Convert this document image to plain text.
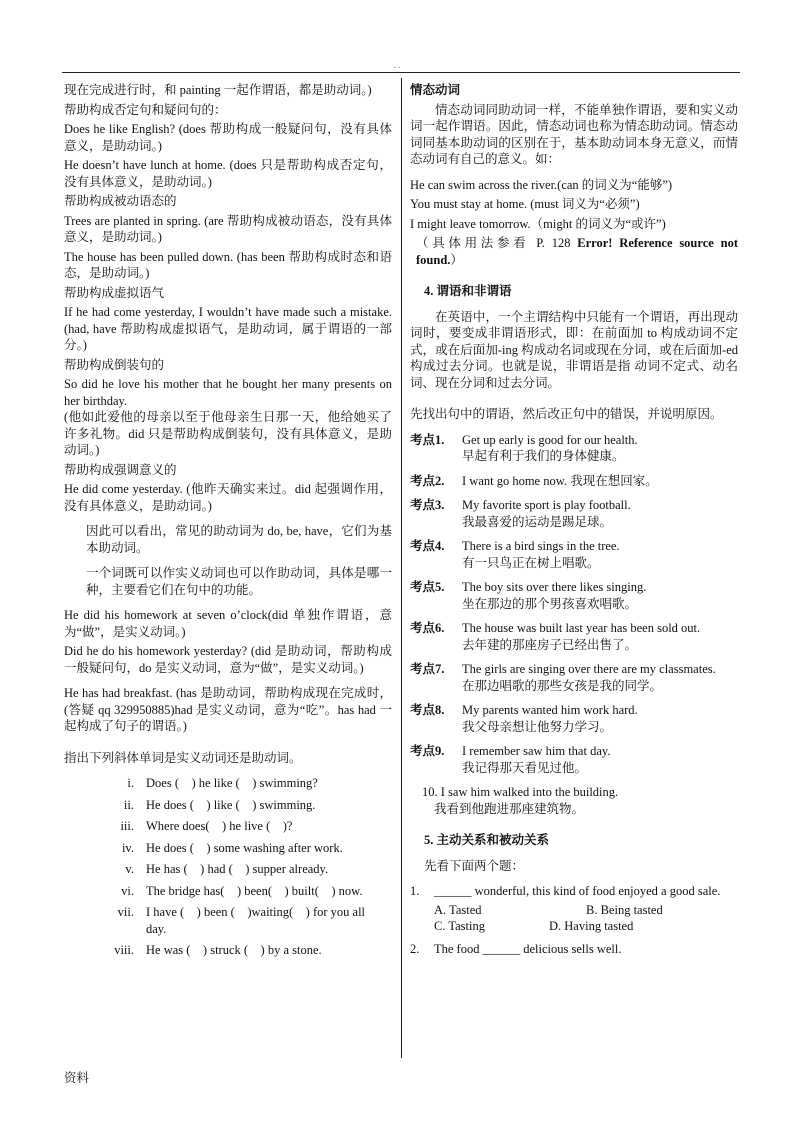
. .

现在完成进行时，和 painting 一起作谓语，都是助动词。)

帮助构成否定句和疑问句的：

Does he like English? (does 帮助构成一般疑问句，没有具体意义，是助动词。)

He doesn’t have lunch at home. (does 只是帮助构成否定句，没有具体意义，是助动词。)

帮助构成被动语态的

Trees are planted in spring. (are 帮助构成被动语态，没有具体意义，是助动词。)

The house has been pulled down. (has been 帮助构成时态和语态，是助动词。)

帮助构成虚拟语气

If he had come yesterday, I wouldn’t have made such a mistake.(had, have 帮助构成虚拟语气，是助动词，属于谓语的一部分。)

帮助构成倒装句的

So did he love his mother that he bought her many presents on her birthday.

(他如此爱他的母亲以至于他母亲生日那一天，他给她买了许多礼物。did 只是帮助构成倒装句，没有具体意义，是助动词。)

帮助构成强调意义的

He did come yesterday. (他昨天确实来过。did 起强调作用，没有具体意义，是助动词。)

因此可以看出，常见的助动词为 do, be, have，它们为基本助动词。

一个词既可以作实义动词也可以作助动词，具体是哪一种，主要看它们在句中的功能。

He did his homework at seven o’clock(did 单独作谓语，意为“做”，是实义动词。)

Did he do his homework yesterday? (did 是助动词，帮助构成一般疑问句，do 是实义动词，意为“做”，是实义动词。)

He has had breakfast. (has 是助动词，帮助构成现在完成时，(答疑 qq 329950885)had 是实义动词，意为“吃”。has had 一起构成了句子的谓语。)

指出下列斜体单词是实义动词还是助动词。

i. Does (　) he like (　) swimming?
ii. He does (　) like (　) swimming.
iii. Where does(　) he live (　)?
iv. He does (　) some washing after work.
v. He has (　) had (　) supper already.
vi. The bridge has(　) been(　) built(　) now.
vii. I have (　) been (　)waiting(　) for you all day.
viii. He was (　) struck (　) by a stone.

情态动词

情态动词同助动词一样，不能单独作谓语，要和实义动词一起作谓语。因此，情态动词也称为情态助动词。情态动词同基本助动词的区别在于，基本助动词本身无意义，而情态动词有自己的意义。如：

He can swim across the river.(can 的词义为“能够”)

You must stay at home. (must 词义为“必须”)

I might leave tomorrow.（might 的词义为“或许”)

（具体用法参看 P. 128 Error! Reference source not found.）

4. 谓语和非谓语

在英语中，一个主谓结构中只能有一个谓语，再出现动词时，要变成非谓语形式，即：在前面加 to 构成动词不定式，或在后面加-ing 构成动名词或现在分词，或在后面加-ed 构成过去分词。也就是说，非谓语是指 动词不定式、动名词、现在分词和过去分词。

先找出句中的谓语，然后改正句中的错误，并说明原因。

考点1.	Get up early is good for our health.

早起有利于我们的身体健康。

考点2.	I want go home now. 我现在想回家。

考点3.	My favorite sport is play football.

我最喜爱的运动是踢足球。

考点4.	There is a bird sings in the tree.

有一只鸟正在树上唱歌。

考点5.	The boy sits over there likes singing.

坐在那边的那个男孩喜欢唱歌。

考点6.	The house was built last year has been sold out.

去年建的那座房子已经出售了。

考点7.	The girls are singing over there are my classmates.

在那边唱歌的那些女孩是我的同学。

考点8.	My parents wanted him work hard.

我父母亲想让他努力学习。

考点9.	I remember saw him that day.

我记得那天看见过他。

10. I saw him walked into the building.

我看到他跑进那座建筑物。

5. 主动关系和被动关系

先看下面两个题：

1.	______ wonderful, this kind of food enjoyed a good sale.
A. Tasted	B. Being tasted
C. Tasting	D. Having tasted
2.	The food ______ delicious sells well.
资料
